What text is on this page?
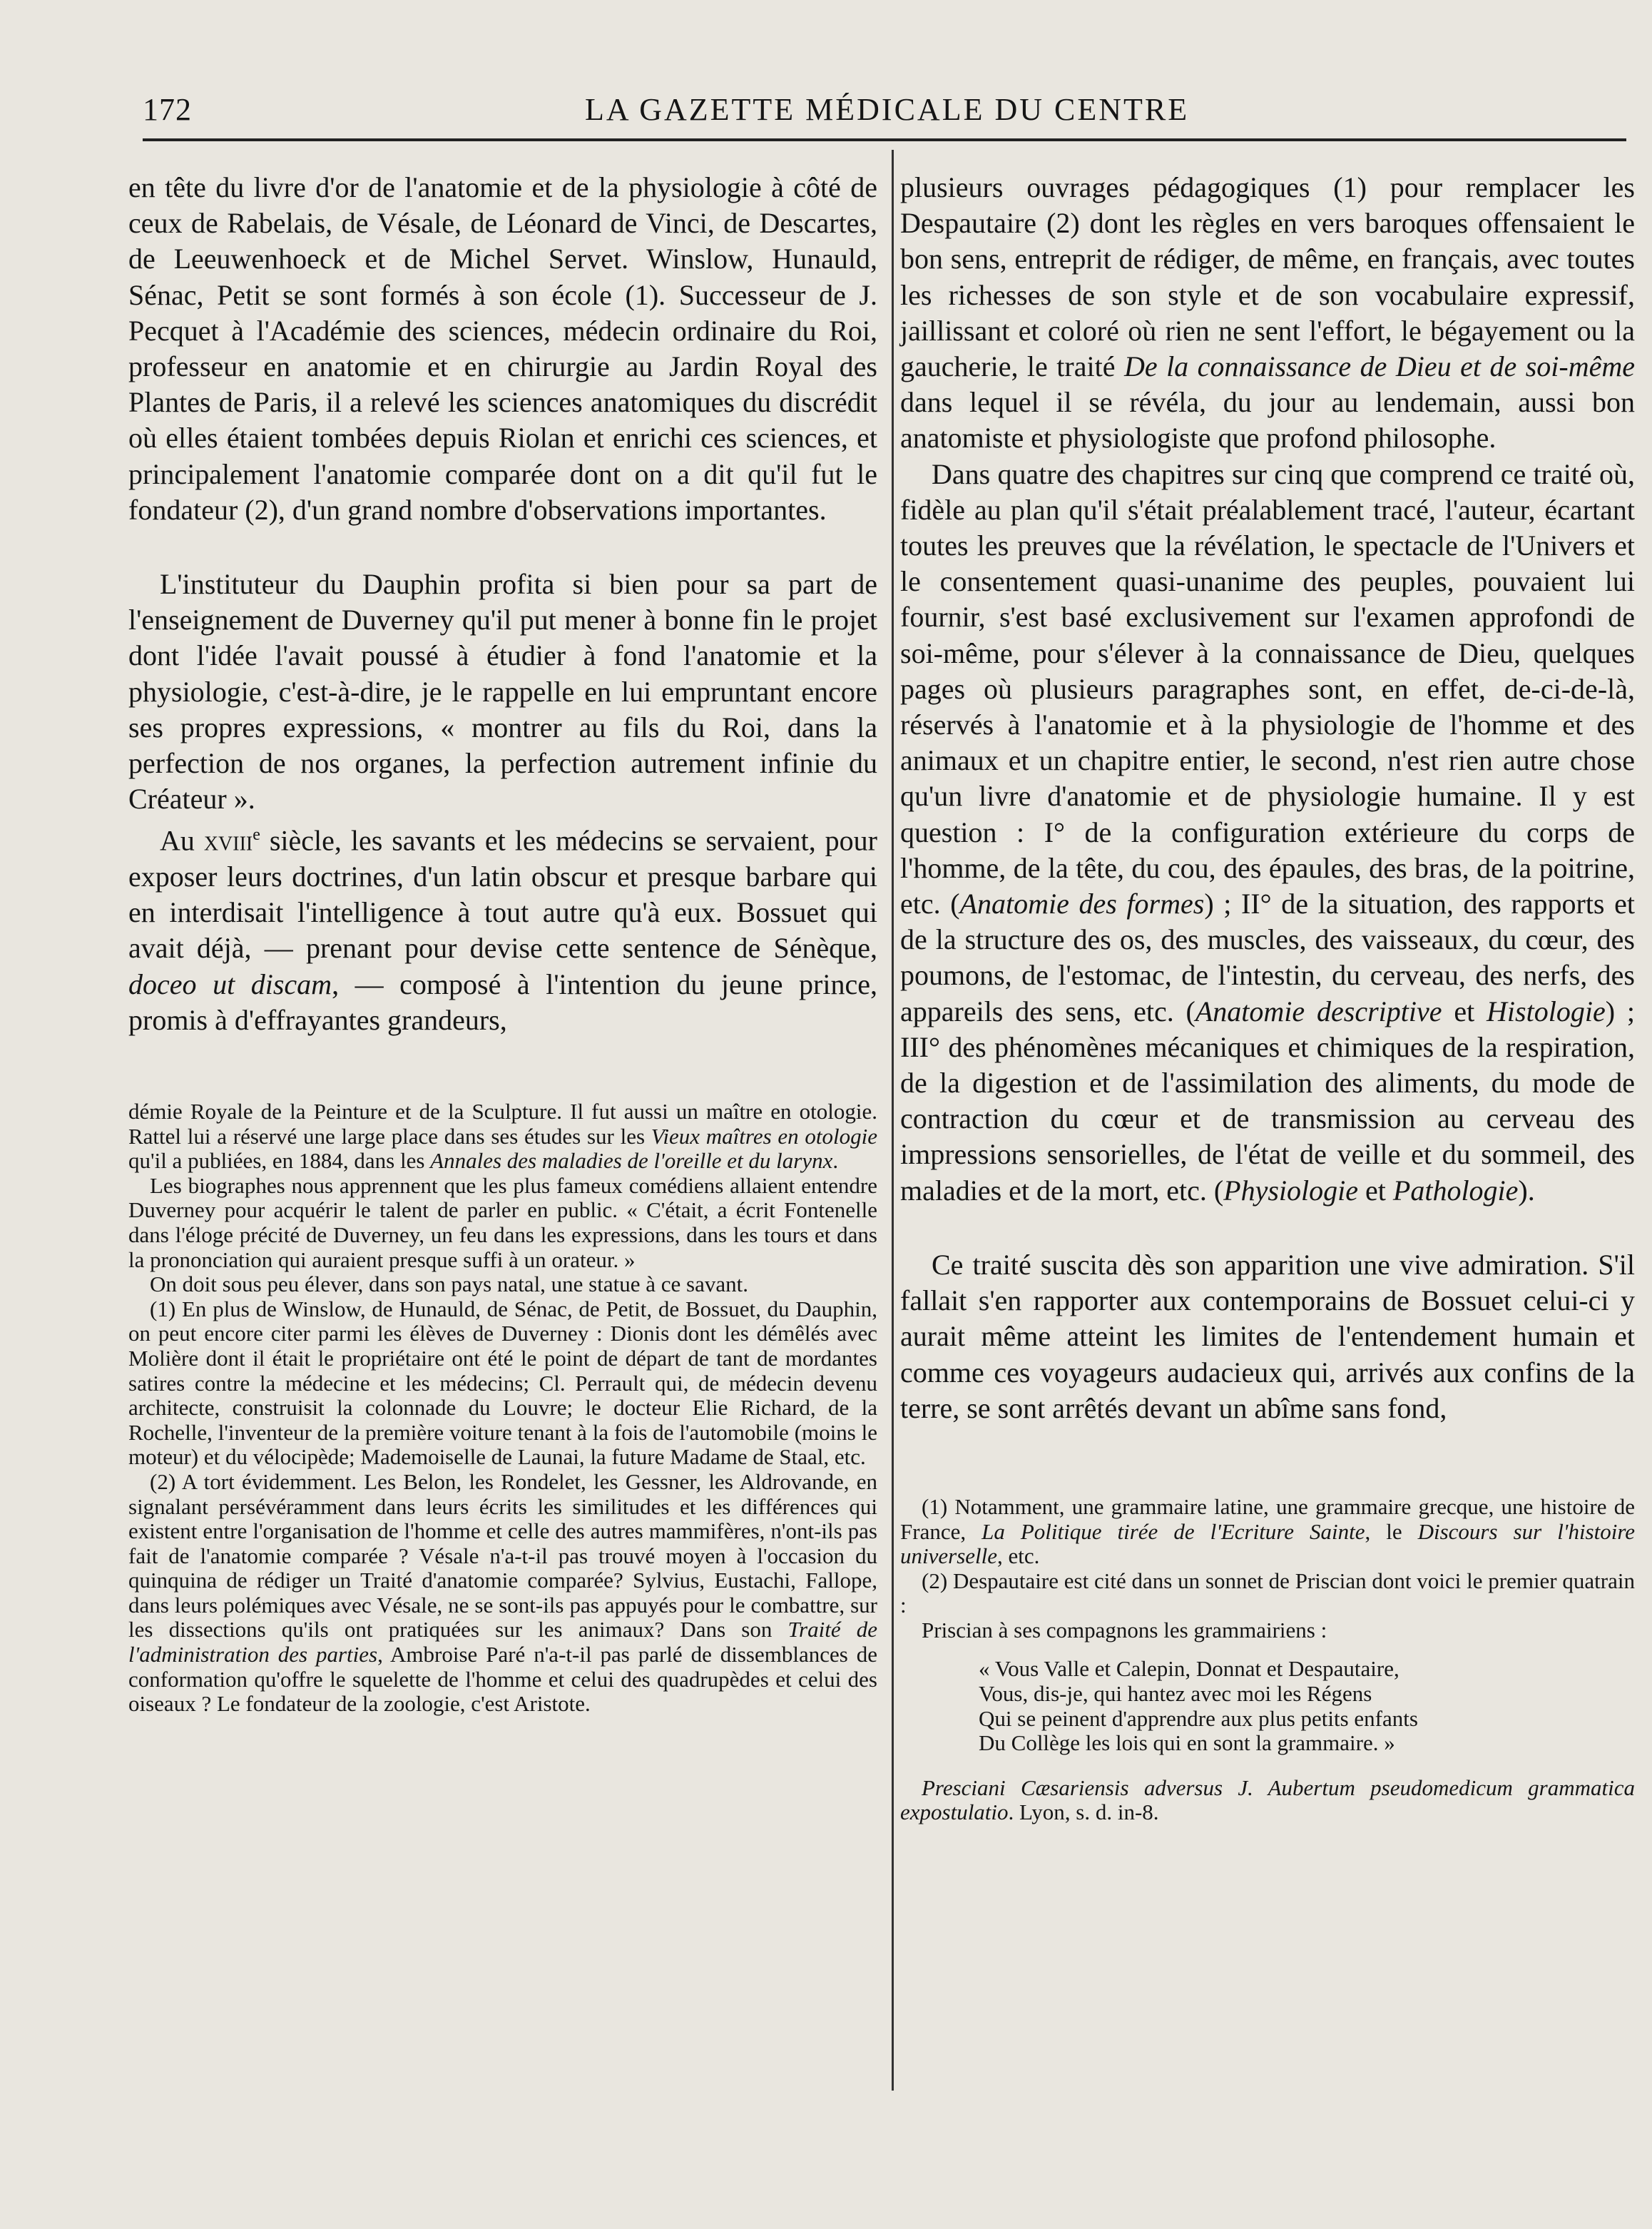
172	LA GAZETTE MÉDICALE DU CENTRE

en tête du livre d'or de l'anatomie et de la physiologie à côté de ceux de Rabelais, de Vésale, de Léonard de Vinci, de Descartes, de Leeuwenhoeck et de Michel Servet. Winslow, Hunauld, Sénac, Petit se sont formés à son école (1). Successeur de J. Pecquet à l'Académie des sciences, médecin ordinaire du Roi, professeur en anatomie et en chirurgie au Jardin Royal des Plantes de Paris, il a relevé les sciences anatomiques du discrédit où elles étaient tombées depuis Riolan et enrichi ces sciences, et principalement l'anatomie comparée dont on a dit qu'il fut le fondateur (2), d'un grand nombre d'observations importantes.

L'instituteur du Dauphin profita si bien pour sa part de l'enseignement de Duverney qu'il put mener à bonne fin le projet dont l'idée l'avait poussé à étudier à fond l'anatomie et la physiologie, c'est-à-dire, je le rappelle en lui empruntant encore ses propres expressions, « montrer au fils du Roi, dans la perfection de nos organes, la perfection autrement infinie du Créateur ».

Au xviii$^e$ siècle, les savants et les médecins se servaient, pour exposer leurs doctrines, d'un latin obscur et presque barbare qui en interdisait l'intelligence à tout autre qu'à eux. Bossuet qui avait déjà, — prenant pour devise cette sentence de Sénèque, doceo ut discam, — composé à l'intention du jeune prince, promis à d'effrayantes grandeurs,

démie Royale de la Peinture et de la Sculpture. Il fut aussi un maître en otologie. Rattel lui a réservé une large place dans ses études sur les Vieux maîtres en otologie qu'il a publiées, en 1884, dans les Annales des maladies de l'oreille et du larynx.

Les biographes nous apprennent que les plus fameux comédiens allaient entendre Duverney pour acquérir le talent de parler en public. « C'était, a écrit Fontenelle dans l'éloge précité de Duverney, un feu dans les expressions, dans les tours et dans la prononciation qui auraient presque suffi à un orateur. »

On doit sous peu élever, dans son pays natal, une statue à ce savant.

(1) En plus de Winslow, de Hunauld, de Sénac, de Petit, de Bossuet, du Dauphin, on peut encore citer parmi les élèves de Duverney : Dionis dont les démêlés avec Molière dont il était le propriétaire ont été le point de départ de tant de mordantes satires contre la médecine et les médecins; Cl. Perrault qui, de médecin devenu architecte, construisit la colonnade du Louvre; le docteur Elie Richard, de la Rochelle, l'inventeur de la première voiture tenant à la fois de l'automobile (moins le moteur) et du vélocipède; Mademoiselle de Launai, la future Madame de Staal, etc.

(2) A tort évidemment. Les Belon, les Rondelet, les Gessner, les Aldrovande, en signalant persévéramment dans leurs écrits les similitudes et les différences qui existent entre l'organisation de l'homme et celle des autres mammifères, n'ont-ils pas fait de l'anatomie comparée ? Vésale n'a-t-il pas trouvé moyen à l'occasion du quinquina de rédiger un Traité d'anatomie comparée? Sylvius, Eustachi, Fallope, dans leurs polémiques avec Vésale, ne se sont-ils pas appuyés pour le combattre, sur les dissections qu'ils ont pratiquées sur les animaux? Dans son Traité de l'administration des parties, Ambroise Paré n'a-t-il pas parlé de dissemblances de conformation qu'offre le squelette de l'homme et celui des quadrupèdes et celui des oiseaux ? Le fondateur de la zoologie, c'est Aristote.

plusieurs ouvrages pédagogiques (1) pour remplacer les Despautaire (2) dont les règles en vers baroques offensaient le bon sens, entreprit de rédiger, de même, en français, avec toutes les richesses de son style et de son vocabulaire expressif, jaillissant et coloré où rien ne sent l'effort, le bégayement ou la gaucherie, le traité De la connaissance de Dieu et de soi-même dans lequel il se révéla, du jour au lendemain, aussi bon anatomiste et physiologiste que profond philosophe.

Dans quatre des chapitres sur cinq que comprend ce traité où, fidèle au plan qu'il s'était préalablement tracé, l'auteur, écartant toutes les preuves que la révélation, le spectacle de l'Univers et le consentement quasi-unanime des peuples, pouvaient lui fournir, s'est basé exclusivement sur l'examen approfondi de soi-même, pour s'élever à la connaissance de Dieu, quelques pages où plusieurs paragraphes sont, en effet, de-ci-de-là, réservés à l'anatomie et à la physiologie de l'homme et des animaux et un chapitre entier, le second, n'est rien autre chose qu'un livre d'anatomie et de physiologie humaine. Il y est question : I° de la configuration extérieure du corps de l'homme, de la tête, du cou, des épaules, des bras, de la poitrine, etc. (Anatomie des formes) ; II° de la situation, des rapports et de la structure des os, des muscles, des vaisseaux, du cœur, des poumons, de l'estomac, de l'intestin, du cerveau, des nerfs, des appareils des sens, etc. (Anatomie descriptive et Histologie) ; III° des phénomènes mécaniques et chimiques de la respiration, de la digestion et de l'assimilation des aliments, du mode de contraction du cœur et de transmission au cerveau des impressions sensorielles, de l'état de veille et du sommeil, des maladies et de la mort, etc. (Physiologie et Pathologie).

Ce traité suscita dès son apparition une vive admiration. S'il fallait s'en rapporter aux contemporains de Bossuet celui-ci y aurait même atteint les limites de l'entendement humain et comme ces voyageurs audacieux qui, arrivés aux confins de la terre, se sont arrêtés devant un abîme sans fond,

(1) Notamment, une grammaire latine, une grammaire grecque, une histoire de France, La Politique tirée de l'Ecriture Sainte, le Discours sur l'histoire universelle, etc.

(2) Despautaire est cité dans un sonnet de Priscian dont voici le premier quatrain :

Priscian à ses compagnons les grammairiens :

« Vous Valle et Calepin, Donnat et Despautaire,
Vous, dis-je, qui hantez avec moi les Régens
Qui se peinent d'apprendre aux plus petits enfants
Du Collège les lois qui en sont la grammaire. »

Presciani Cæsariensis adversus J. Aubertum pseudomedicum grammatica expostulatio. Lyon, s. d. in-8.
